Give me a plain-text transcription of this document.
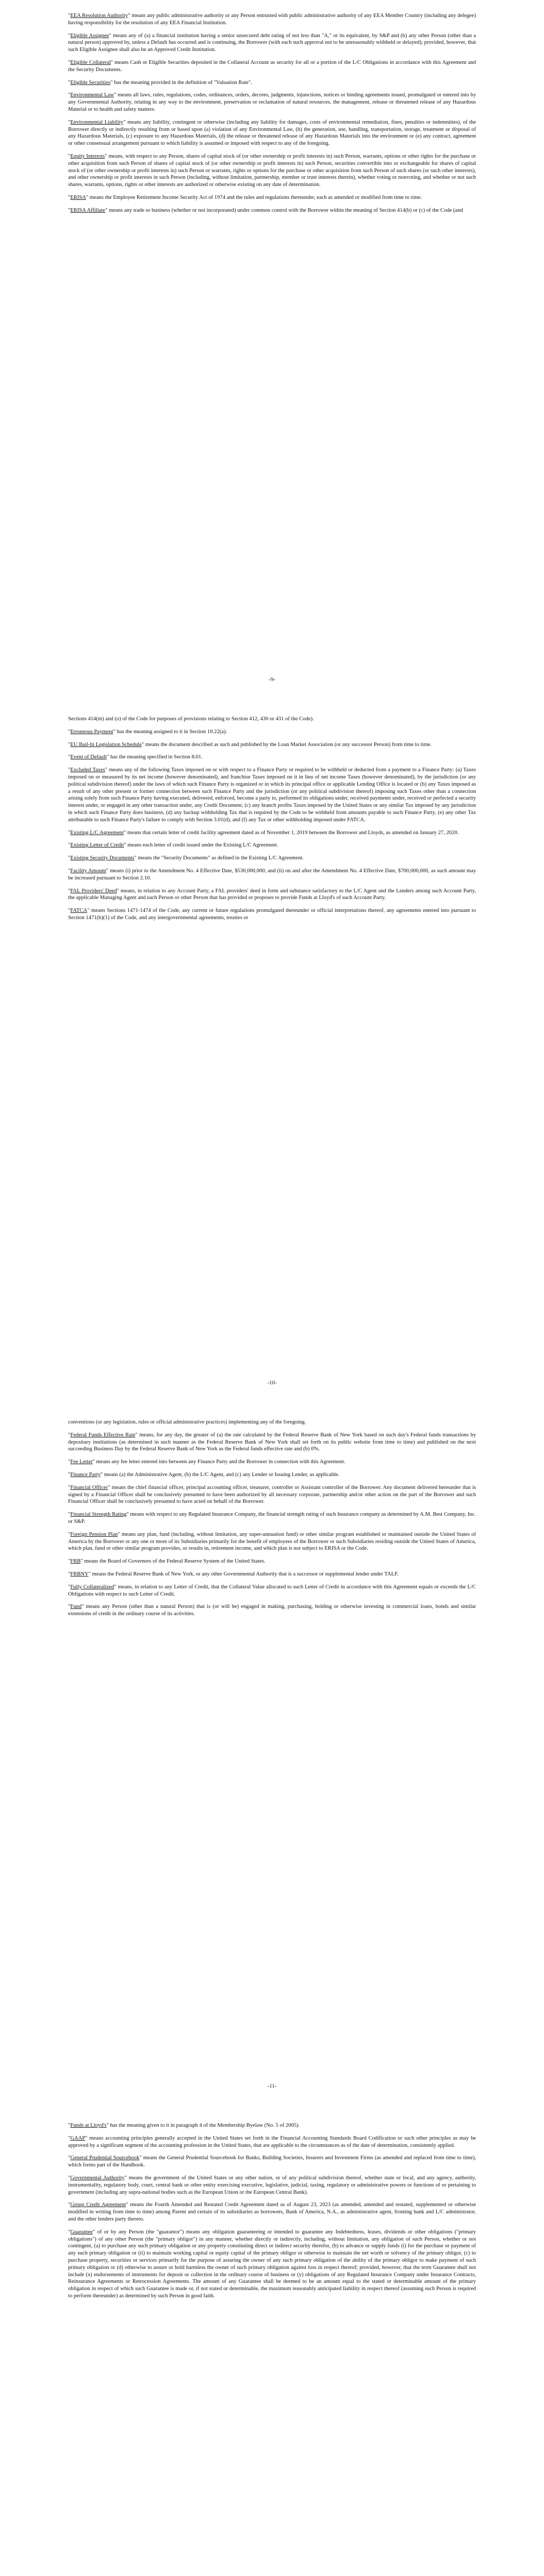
"EEA Resolution Authority" means any public administrative authority or any Person entrusted with public administrative authority of any EEA Member Country (including any delegee) having responsibility for the resolution of any EEA Financial Institution.

"Eligible Assignee" means any of (a) a financial institution having a senior unsecured debt rating of not less than "A," or its equivalent, by S&P and (b) any other Person (other than a natural person) approved by, unless a Default has occurred and is continuing, the Borrower (with each such approval not to be unreasonably withheld or delayed); provided, however, that such Eligible Assignee shall also be an Approved Credit Institution.

"Eligible Collateral" means Cash or Eligible Securities deposited in the Collateral Account as security for all or a portion of the L/C Obligations in accordance with this Agreement and the Security Documents.

"Eligible Securities" has the meaning provided in the definition of "Valuation Rate".

"Environmental Law" means all laws, rules, regulations, codes, ordinances, orders, decrees, judgments, injunctions, notices or binding agreements issued, promulgated or entered into by any Governmental Authority, relating in any way to the environment, preservation or reclamation of natural resources, the management, release or threatened release of any Hazardous Material or to health and safety matters.

"Environmental Liability" means any liability, contingent or otherwise (including any liability for damages, costs of environmental remediation, fines, penalties or indemnities), of the Borrower directly or indirectly resulting from or based upon (a) violation of any Environmental Law, (b) the generation, use, handling, transportation, storage, treatment or disposal of any Hazardous Materials, (c) exposure to any Hazardous Materials, (d) the release or threatened release of any Hazardous Materials into the environment or (e) any contract, agreement or other consensual arrangement pursuant to which liability is assumed or imposed with respect to any of the foregoing.

"Equity Interests" means, with respect to any Person, shares of capital stock of (or other ownership or profit interests in) such Person, warrants, options or other rights for the purchase or other acquisition from such Person of shares of capital stock of (or other ownership or profit interests in) such Person, securities convertible into or exchangeable for shares of capital stock of (or other ownership or profit interests in) such Person or warrants, rights or options for the purchase or other acquisition from such Person of such shares (or such other interests), and other ownership or profit interests in such Person (including, without limitation, partnership, member or trust interests therein), whether voting or nonvoting, and whether or not such shares, warrants, options, rights or other interests are authorized or otherwise existing on any date of determination.

"ERISA" means the Employee Retirement Income Security Act of 1974 and the rules and regulations thereunder, each as amended or modified from time to time.

"ERISA Affiliate" means any trade or business (whether or not incorporated) under common control with the Borrower within the meaning of Section 414(b) or (c) of the Code (and

-9-

Sections 414(m) and (o) of the Code for purposes of provisions relating to Section 412, 430 or 431 of the Code).

"Erroneous Payment" has the meaning assigned to it in Section 10.22(a).

"EU Bail-In Legislation Schedule" means the document described as such and published by the Loan Market Association (or any successor Person) from time to time.

"Event of Default" has the meaning specified in Section 8.01.

"Excluded Taxes" means any of the following Taxes imposed on or with respect to a Finance Party or required to be withheld or deducted from a payment to a Finance Party: (a) Taxes imposed on or measured by its net income (however denominated), and franchise Taxes imposed on it in lieu of net income Taxes (however denominated), by the jurisdiction (or any political subdivision thereof) under the laws of which such Finance Party is organized or in which its principal office or applicable Lending Office is located or (b) any Taxes imposed as a result of any other present or former connection between such Finance Party and the jurisdiction (or any political subdivision thereof) imposing such Taxes other than a connection arising solely from such Finance Party having executed, delivered, enforced, become a party to, performed its obligations under, received payments under, received or perfected a security interest under, or engaged in any other transaction under, any Credit Document, (c) any branch profits Taxes imposed by the United States or any similar Tax imposed by any jurisdiction in which such Finance Party does business, (d) any backup withholding Tax that is required by the Code to be withheld from amounts payable to such Finance Party, (e) any other Tax attributable to such Finance Party's failure to comply with Section 3.01(d), and (f) any Tax or other withholding imposed under FATCA.

"Existing L/C Agreement" means that certain letter of credit facility agreement dated as of November 1, 2019 between the Borrower and Lloyds, as amended on January 27, 2020.

"Existing Letter of Credit" means each letter of credit issued under the Existing L/C Agreement.

"Existing Security Documents" means the "Security Documents" as defined in the Existing L/C Agreement.

"Facility Amount" means (i) prior to the Amendment No. 4 Effective Date, $530,000,000, and (ii) on and after the Amendment No. 4 Effective Date, $700,000,000, as such amount may be increased pursuant to Section 2.10.

"FAL Providers' Deed" means, in relation to any Account Party, a FAL providers' deed in form and substance satisfactory to the L/C Agent and the Lenders among such Account Party, the applicable Managing Agent and each Person or other Person that has provided or proposes to provide Funds at Lloyd's of such Account Party.

"FATCA" means Sections 1471-1474 of the Code, any current or future regulations promulgated thereunder or official interpretations thereof, any agreements entered into pursuant to Section 1471(b)(1) of the Code, and any intergovernmental agreements, treaties or

-10-

conventions (or any legislation, rules or official administrative practices) implementing any of the foregoing.

"Federal Funds Effective Rate" means, for any day, the greater of (a) the rate calculated by the Federal Reserve Bank of New York based on such day's Federal funds transactions by depositary institutions (as determined in such manner as the Federal Reserve Bank of New York shall set forth on its public website from time to time) and published on the next succeeding Business Day by the Federal Reserve Bank of New York as the Federal funds effective rate and (b) 0%.

"Fee Letter" means any fee letter entered into between any Finance Party and the Borrower in connection with this Agreement.

"Finance Party" means (a) the Administrative Agent, (b) the L/C Agent, and (c) any Lender or Issuing Lender, as applicable.

"Financial Officer" means the chief financial officer, principal accounting officer, treasurer, controller or Assistant controller of the Borrower. Any document delivered hereunder that is signed by a Financial Officer shall be conclusively presumed to have been authorized by all necessary corporate, partnership and/or other action on the part of the Borrower and such Financial Officer shall be conclusively presumed to have acted on behalf of the Borrower.

"Financial Strength Rating" means with respect to any Regulated Insurance Company, the financial strength rating of such Insurance company as determined by A.M. Best Company, Inc. or S&P.

"Foreign Pension Plan" means any plan, fund (including, without limitation, any super-annuation fund) or other similar program established or maintained outside the United States of America by the Borrower or any one or more of its Subsidiaries primarily for the benefit of employees of the Borrower or such Subsidiaries residing outside the United States of America, which plan, fund or other similar program provides, or results in, retirement income, and which plan is not subject to ERISA or the Code.

"FRB" means the Board of Governors of the Federal Reserve System of the United States.

"FRBNY" means the Federal Reserve Bank of New York, or any other Governmental Authority that is a successor or supplemental lender under TALF.

"Fully Collateralized" means, in relation to any Letter of Credit, that the Collateral Value allocated to such Letter of Credit in accordance with this Agreement equals or exceeds the L/C Obligations with respect to such Letter of Credit.

"Fund" means any Person (other than a natural Person) that is (or will be) engaged in making, purchasing, holding or otherwise investing in commercial loans, bonds and similar extensions of credit in the ordinary course of its activities.

-11-

"Funds at Lloyd's" has the meaning given to it in paragraph 4 of the Membership Byelaw (No. 5 of 2005).

"GAAP" means accounting principles generally accepted in the United States set forth in the Financial Accounting Standards Board Codification or such other principles as may be approved by a significant segment of the accounting profession in the United States, that are applicable to the circumstances as of the date of determination, consistently applied.

"General Prudential Sourcebook" means the General Prudential Sourcebook for Banks, Building Societies, Insurers and Investment Firms (as amended and replaced from time to time), which forms part of the Handbook.

"Governmental Authority" means the government of the United States or any other nation, or of any political subdivision thereof, whether state or local, and any agency, authority, instrumentality, regulatory body, court, central bank or other entity exercising executive, legislative, judicial, taxing, regulatory or administrative powers or functions of or pertaining to government (including any supra-national bodies such as the European Union or the European Central Bank).

"Group Credit Agreement" means the Fourth Amended and Restated Credit Agreement dated as of August 23, 2023 (as amended, amended and restated, supplemented or otherwise modified in writing from time to time) among Parent and certain of its subsidiaries as borrowers, Bank of America, N.A., as administrative agent, fronting bank and L/C administrator, and the other lenders party thereto.

"Guarantee" of or by any Person (the "guarantor") means any obligation guaranteeing or intended to guarantee any Indebtedness, leases, dividends or other obligations ("primary obligations") of any other Person (the "primary obligor") in any manner, whether directly or indirectly, including, without limitation, any obligation of such Person, whether or not contingent, (a) to purchase any such primary obligation or any property constituting direct or indirect security therefor, (b) to advance or supply funds (i) for the purchase or payment of any such primary obligation or (ii) to maintain working capital or equity capital of the primary obligor or otherwise to maintain the net worth or solvency of the primary obligor, (c) to purchase property, securities or services primarily for the purpose of assuring the owner of any such primary obligation of the ability of the primary obligor to make payment of such primary obligation or (d) otherwise to assure or hold harmless the owner of such primary obligation against loss in respect thereof; provided, however, that the term Guarantee shall not include (x) endorsements of instruments for deposit or collection in the ordinary course of business or (y) obligations of any Regulated Insurance Company under Insurance Contracts, Reinsurance Agreements or Retrocession Agreements. The amount of any Guarantee shall be deemed to be an amount equal to the stated or determinable amount of the primary obligation in respect of which such Guarantee is made or, if not stated or determinable, the maximum reasonably anticipated liability in respect thereof (assuming such Person is required to perform thereunder) as determined by such Person in good faith.
